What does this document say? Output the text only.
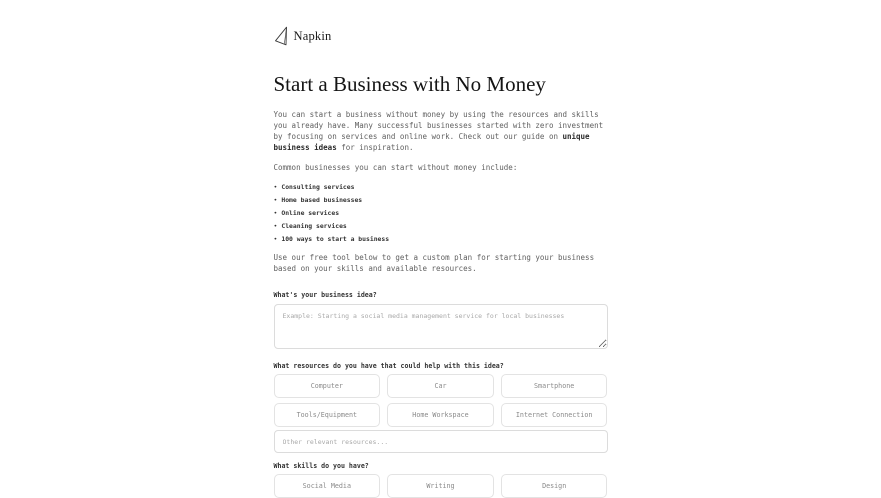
Napkin
Start a Business with No Money

You can start a business without money by using the resources and skills you already have. Many successful businesses started with zero investment by focusing on services and online work. Check out our guide on unique business ideas for inspiration.

Common businesses you can start without money include:

• Consulting services
• Home based businesses
• Online services
• Cleaning services
• 100 ways to start a business

Use our free tool below to get a custom plan for starting your business based on your skills and available resources.

What's your business idea?
Example: Starting a social media management service for local businesses
What resources do you have that could help with this idea?
Computer	Car	Smartphone
Tools/Equipment	Home Workspace	Internet Connection
Other relevant resources...
What skills do you have?
Social Media	Writing	Design
